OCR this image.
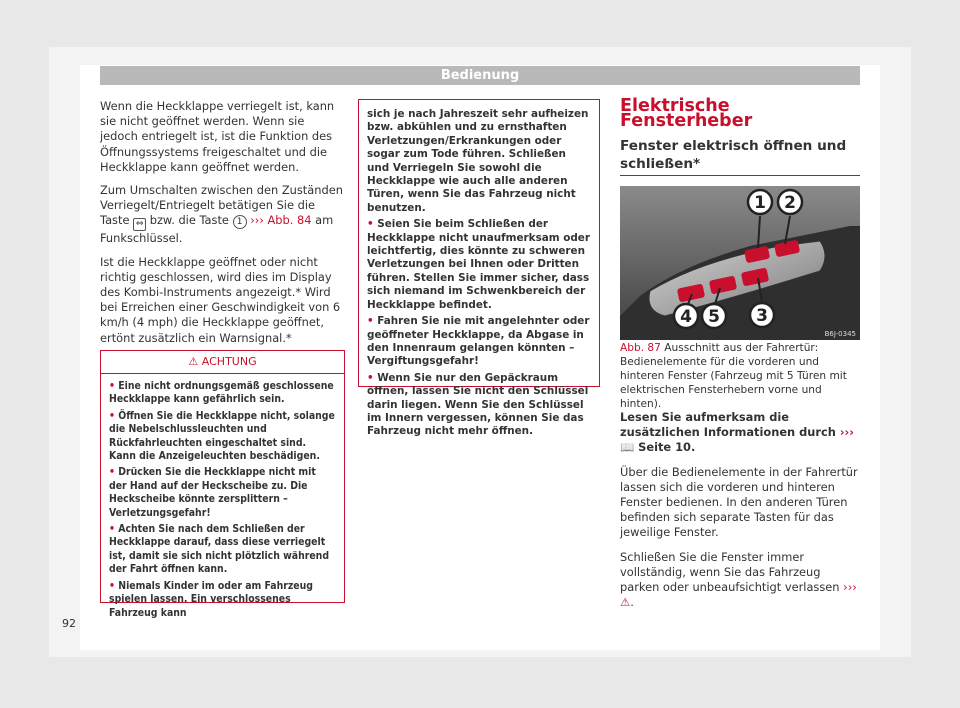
Bedienung

Wenn die Heckklappe verriegelt ist, kann sie nicht geöffnet werden. Wenn sie jedoch entriegelt ist, ist die Funktion des Öffnungssystems freigeschaltet und die Heckklappe kann geöffnet werden.

Zum Umschalten zwischen den Zuständen Verriegelt/Entriegelt betätigen Sie die Taste ⇔ bzw. die Taste 1 ››› Abb. 84 am Funkschlüssel.

Ist die Heckklappe geöffnet oder nicht richtig geschlossen, wird dies im Display des Kombi-Instruments angezeigt.* Wird bei Erreichen einer Geschwindigkeit von 6 km/h (4 mph) die Heckklappe geöffnet, ertönt zusätzlich ein Warnsignal.*

⚠ ACHTUNG
• Eine nicht ordnungsgemäß geschlossene Heckklappe kann gefährlich sein.
• Öffnen Sie die Heckklappe nicht, solange die Nebelschlussleuchten und Rückfahrleuchten eingeschaltet sind. Kann die Anzeigeleuchten beschädigen.
• Drücken Sie die Heckklappe nicht mit der Hand auf der Heckscheibe zu. Die Heckscheibe könnte zersplittern – Verletzungsgefahr!
• Achten Sie nach dem Schließen der Heckklappe darauf, dass diese verriegelt ist, damit sie sich nicht plötzlich während der Fahrt öffnen kann.
• Niemals Kinder im oder am Fahrzeug spielen lassen. Ein verschlossenes Fahrzeug kann
sich je nach Jahreszeit sehr aufheizen bzw. abkühlen und zu ernsthaften Verletzungen/Erkrankungen oder sogar zum Tode führen. Schließen und Verriegeln Sie sowohl die Heckklappe wie auch alle anderen Türen, wenn Sie das Fahrzeug nicht benutzen.
• Seien Sie beim Schließen der Heckklappe nicht unaufmerksam oder leichtfertig, dies könnte zu schweren Verletzungen bei Ihnen oder Dritten führen. Stellen Sie immer sicher, dass sich niemand im Schwenkbereich der Heckklappe befindet.
• Fahren Sie nie mit angelehnter oder geöffneter Heckklappe, da Abgase in den Innenraum gelangen könnten – Vergiftungsgefahr!
• Wenn Sie nur den Gepäckraum öffnen, lassen Sie nicht den Schlüssel darin liegen. Wenn Sie den Schlüssel im Innern vergessen, können Sie das Fahrzeug nicht mehr öffnen.
Elektrische Fensterheber
Fenster elektrisch öffnen und schließen*
1 2
3
4 5
B6J-0345
Abb. 87 Ausschnitt aus der Fahrertür: Bedienelemente für die vorderen und hinteren Fenster (Fahrzeug mit 5 Türen mit elektrischen Fensterhebern vorne und hinten).

Lesen Sie aufmerksam die zusätzlichen Informationen durch ››› 📖 Seite 10.

Über die Bedienelemente in der Fahrertür lassen sich die vorderen und hinteren Fenster bedienen. In den anderen Türen befinden sich separate Tasten für das jeweilige Fenster.

Schließen Sie die Fenster immer vollständig, wenn Sie das Fahrzeug parken oder unbeaufsichtigt verlassen ››› ⚠.

92
